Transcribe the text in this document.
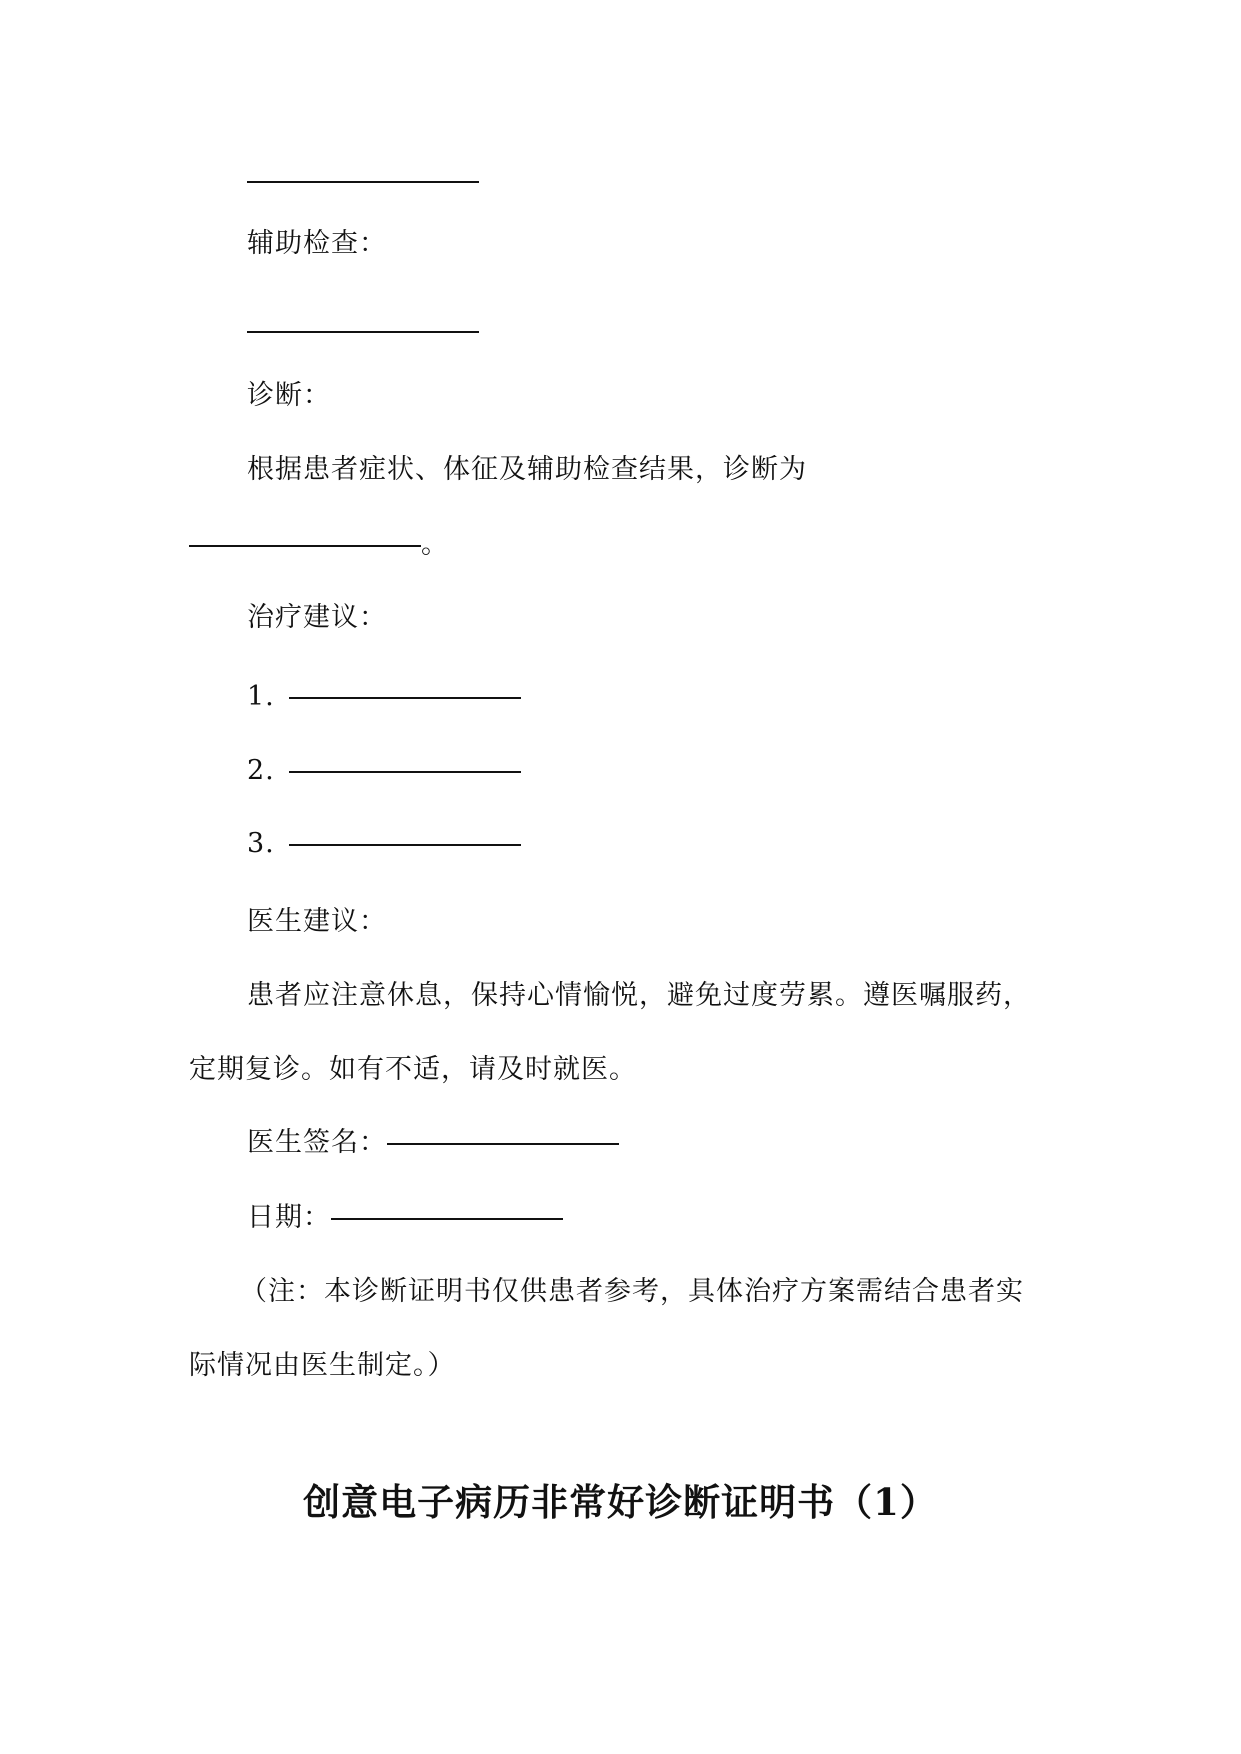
辅助检查：
诊断：
根据患者症状、体征及辅助检查结果，诊断为
。
治疗建议：
1.
2.
3.
医生建议：
患者应注意休息，保持心情愉悦，避免过度劳累。遵医嘱服药，
定期复诊。如有不适，请及时就医。
医生签名：
日期：
（注：本诊断证明书仅供患者参考，具体治疗方案需结合患者实
际情况由医生制定。）
创意电子病历非常好诊断证明书（1）
